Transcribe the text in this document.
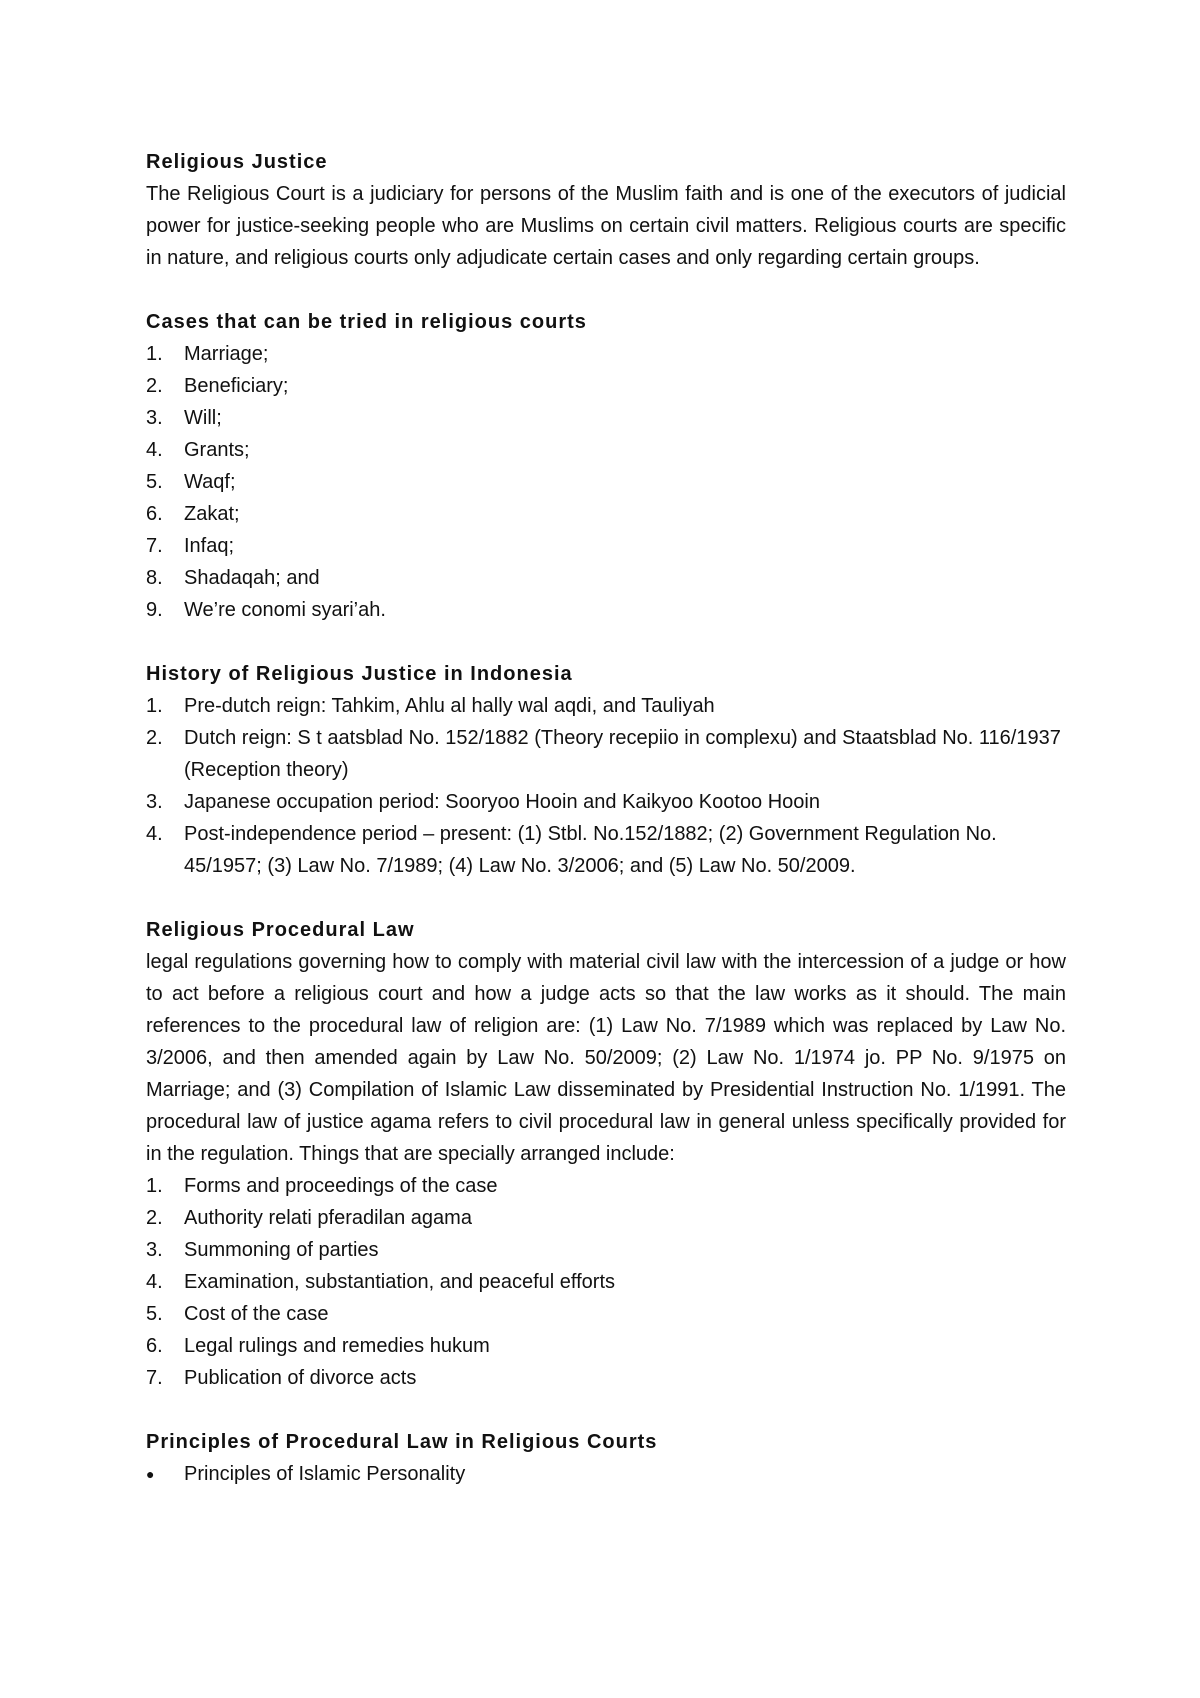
Religious Justice

The Religious Court is a judiciary for persons of the Muslim faith and is one of the executors of judicial power for justice-seeking people who are Muslims on certain civil matters. Religious courts are specific in nature, and religious courts only adjudicate certain cases and only regarding certain groups.

Cases that can be tried in religious courts

1.	Marriage;
2.	Beneficiary;
3.	Will;
4.	Grants;
5.	Waqf;
6.	Zakat;
7.	Infaq;
8.	Shadaqah; and
9.	We’re conomi syari’ah.

History of Religious Justice in Indonesia

1.	Pre-dutch reign: Tahkim, Ahlu al hally wal aqdi, and Tauliyah
2.	Dutch reign: S t aatsblad No. 152/1882 (Theory recepiio in complexu) and Staatsblad No. 116/1937 (Reception theory)
3.	Japanese occupation period: Sooryoo Hooin and Kaikyoo Kootoo Hooin
4.	Post-independence period – present: (1) Stbl. No.152/1882; (2) Government Regulation No. 45/1957; (3) Law No. 7/1989; (4) Law No. 3/2006; and (5) Law No. 50/2009.

Religious Procedural Law

legal regulations governing how to comply with material civil law with the intercession of a judge or how to act before a religious court and how a judge acts so that the law works as it should. The main references to the procedural law of religion are: (1) Law No. 7/1989 which was replaced by Law No. 3/2006, and then amended again by Law No. 50/2009; (2) Law No. 1/1974 jo. PP No. 9/1975 on Marriage; and (3) Compilation of Islamic Law disseminated by Presidential Instruction No. 1/1991. The procedural law of justice agama refers to civil procedural law in general unless specifically provided for in the regulation. Things that are specially arranged include:

1.	Forms and proceedings of the case
2.	Authority relati pferadilan agama
3.	Summoning of parties
4.	Examination, substantiation, and peaceful efforts
5.	Cost of the case
6.	Legal rulings and remedies hukum
7.	Publication of divorce acts

Principles of Procedural Law in Religious Courts

●	Principles of Islamic Personality
